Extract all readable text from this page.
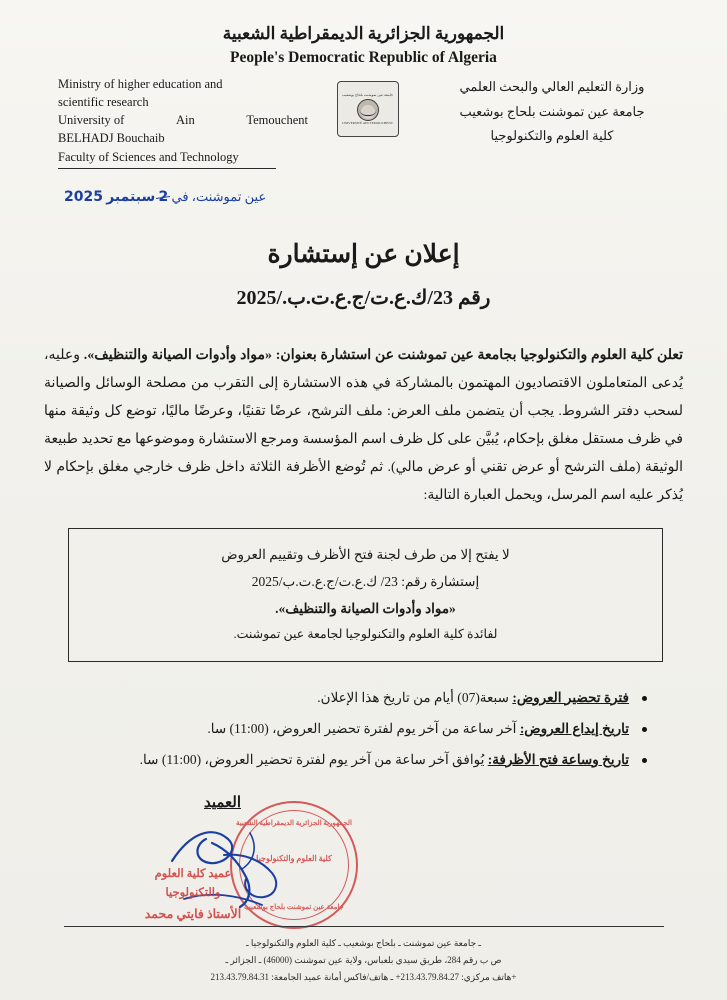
الجمهورية الجزائرية الديمقراطية الشعبية
People's Democratic Republic of Algeria
Ministry of higher education and
scientific research
University of	Ain	Temouchent
BELHADJ Bouchaib
Faculty of Sciences and Technology
جامعة عين تموشنت بلحاج بوشعيب
UNIVERSITÉ AIN TEMOUCHENT
وزارة التعليم العالي والبحث العلمي
جامعة عين تموشنت بلحاج بوشعيب
كلية العلوم والتكنولوجيا
عين تموشنت، في 2 سبتمبر 2025
إعلان عن إستشارة
رقم 23/ك.ع.ت/ج.ع.ت.ب./2025
تعلن كلية العلوم والتكنولوجيا بجامعة عين تموشنت عن استشارة بعنوان: «مواد وأدوات الصيانة والتنظيف». وعليه، يُدعى المتعاملون الاقتصاديون المهتمون بالمشاركة في هذه الاستشارة إلى التقرب من مصلحة الوسائل والصيانة لسحب دفتر الشروط. يجب أن يتضمن ملف العرض: ملف الترشح، عرضًا تقنيًا، وعرضًا ماليًا، توضع كل وثيقة منها في ظرف مستقل مغلق بإحكام، يُبيَّن على كل ظرف اسم المؤسسة ومرجع الاستشارة وموضوعها مع تحديد طبيعة الوثيقة (ملف الترشح أو عرض تقني أو عرض مالي). ثم تُوضع الأظرفة الثلاثة داخل ظرف خارجي مغلق بإحكام لا يُذكر عليه اسم المرسل، ويحمل العبارة التالية:
لا يفتح إلا من طرف لجنة فتح الأظرف وتقييم العروض
إستشارة رقم: 23/ ك.ع.ت/ج.ع.ت.ب/2025
«مواد وأدوات الصيانة والتنظيف».
لفائدة كلية العلوم والتكنولوجيا لجامعة عين تموشنت.
فترة تحضير العروض: سبعة(07) أيام من تاريخ هذا الإعلان.
تاريخ إيداع العروض: آخر ساعة من آخر يوم لفترة تحضير العروض، (11:00) سا.
تاريخ وساعة فتح الأظرفة: يُوافق آخر ساعة من آخر يوم لفترة تحضير العروض، (11:00) سا.
العميد
الجمهورية الجزائرية الديمقراطية الشعبية
كلية العلوم والتكنولوجيا
جامعة عين تموشنت بلحاج بوشعيب
عميد كلية العلوم
والتكنولوجيا
الأستاذ فايتي محمد
ـ جامعة عين تموشنت ـ بلحاج بوشعيب ـ كلية العلوم والتكنولوجيا ـ
ص ب رقم 284، طريق سيدي بلعباس، ولاية عين تموشنت (46000) ـ الجزائر ـ
هاتف مركزي: 213.43.79.84.27+ ـ هاتف/فاكس أمانة عميد الجامعة: 213.43.79.84.31+
